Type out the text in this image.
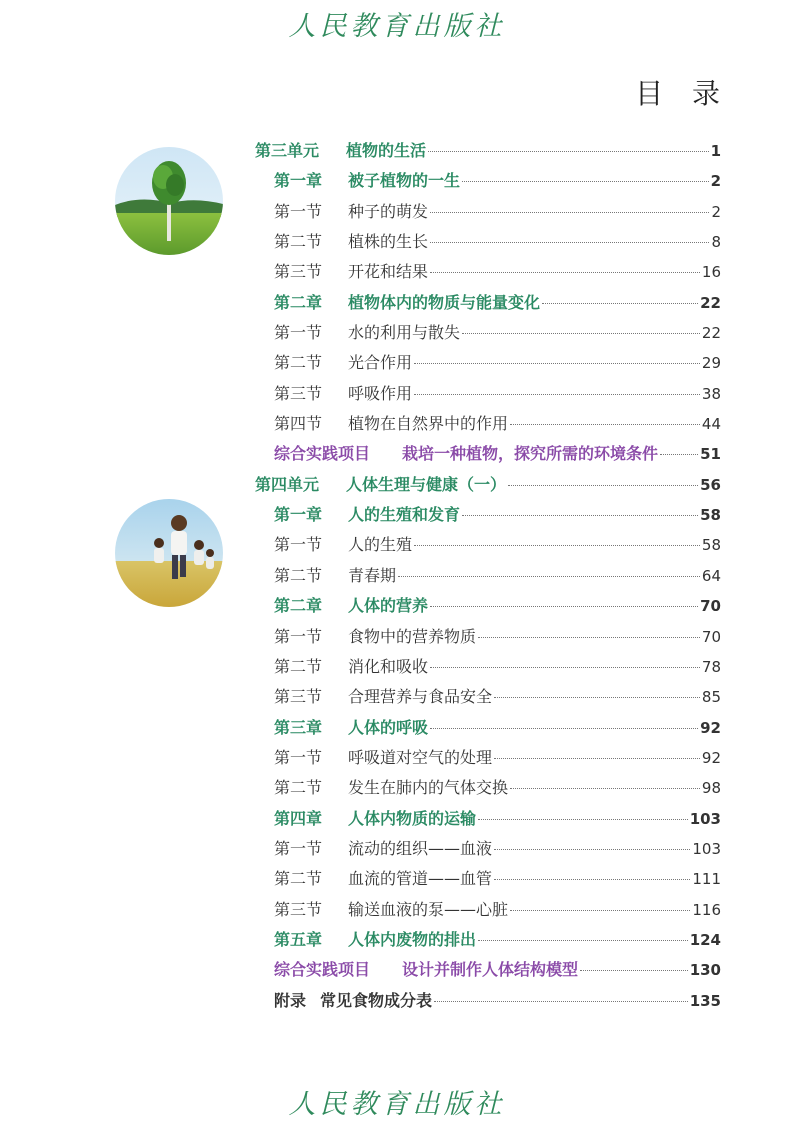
人民教育出版社
目 录
第三单元	植物的生活	1
第一章	被子植物的一生	2
第一节	种子的萌发	2
第二节	植株的生长	8
第三节	开花和结果	16
第二章	植物体内的物质与能量变化	22
第一节	水的利用与散失	22
第二节	光合作用	29
第三节	呼吸作用	38
第四节	植物在自然界中的作用	44
综合实践项目	栽培一种植物，探究所需的环境条件	51
第四单元	人体生理与健康（一）	56
第一章	人的生殖和发育	58
第一节	人的生殖	58
第二节	青春期	64
第二章	人体的营养	70
第一节	食物中的营养物质	70
第二节	消化和吸收	78
第三节	合理营养与食品安全	85
第三章	人体的呼吸	92
第一节	呼吸道对空气的处理	92
第二节	发生在肺内的气体交换	98
第四章	人体内物质的运输	103
第一节	流动的组织——血液	103
第二节	血流的管道——血管	111
第三节	输送血液的泵——心脏	116
第五章	人体内废物的排出	124
综合实践项目	设计并制作人体结构模型	130
附录 常见食物成分表	135
人民教育出版社
